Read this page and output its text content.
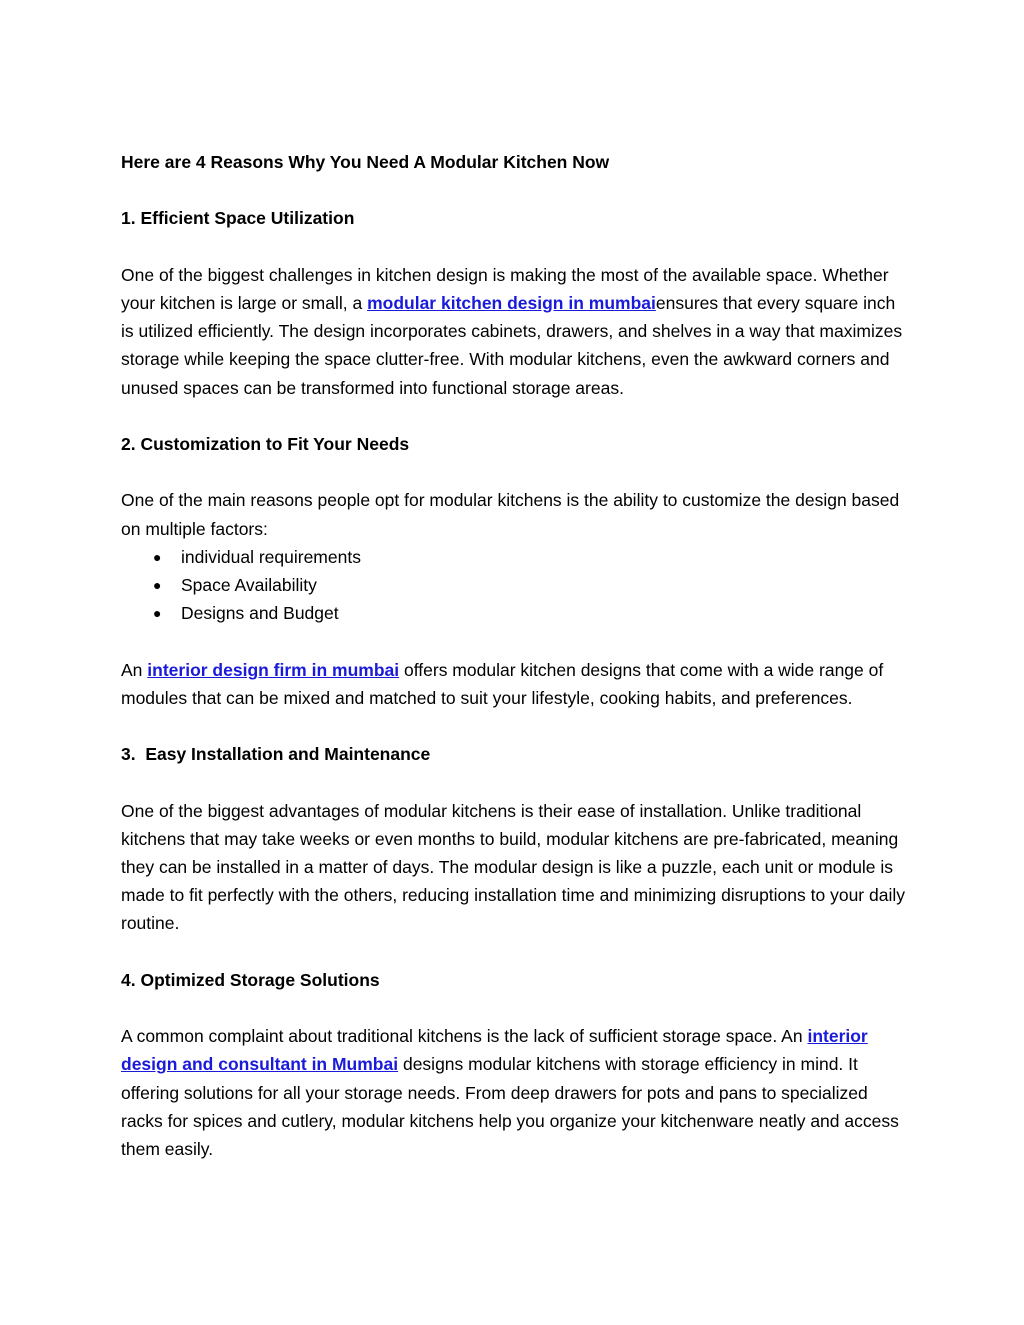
Here are 4 Reasons Why You Need A Modular Kitchen Now

1. Efficient Space Utilization

One of the biggest challenges in kitchen design is making the most of the available space. Whether your kitchen is large or small, a modular kitchen design in mumbaiensures that every square inch is utilized efficiently. The design incorporates cabinets, drawers, and shelves in a way that maximizes storage while keeping the space clutter-free. With modular kitchens, even the awkward corners and unused spaces can be transformed into functional storage areas.

2. Customization to Fit Your Needs

One of the main reasons people opt for modular kitchens is the ability to customize the design based on multiple factors:

● individual requirements
● Space Availability
● Designs and Budget

An interior design firm in mumbai offers modular kitchen designs that come with a wide range of modules that can be mixed and matched to suit your lifestyle, cooking habits, and preferences.

3.  Easy Installation and Maintenance

One of the biggest advantages of modular kitchens is their ease of installation. Unlike traditional kitchens that may take weeks or even months to build, modular kitchens are pre-fabricated, meaning they can be installed in a matter of days. The modular design is like a puzzle, each unit or module is made to fit perfectly with the others, reducing installation time and minimizing disruptions to your daily routine.

4. Optimized Storage Solutions

A common complaint about traditional kitchens is the lack of sufficient storage space. An interior design and consultant in Mumbai designs modular kitchens with storage efficiency in mind. It offering solutions for all your storage needs. From deep drawers for pots and pans to specialized racks for spices and cutlery, modular kitchens help you organize your kitchenware neatly and access them easily.
